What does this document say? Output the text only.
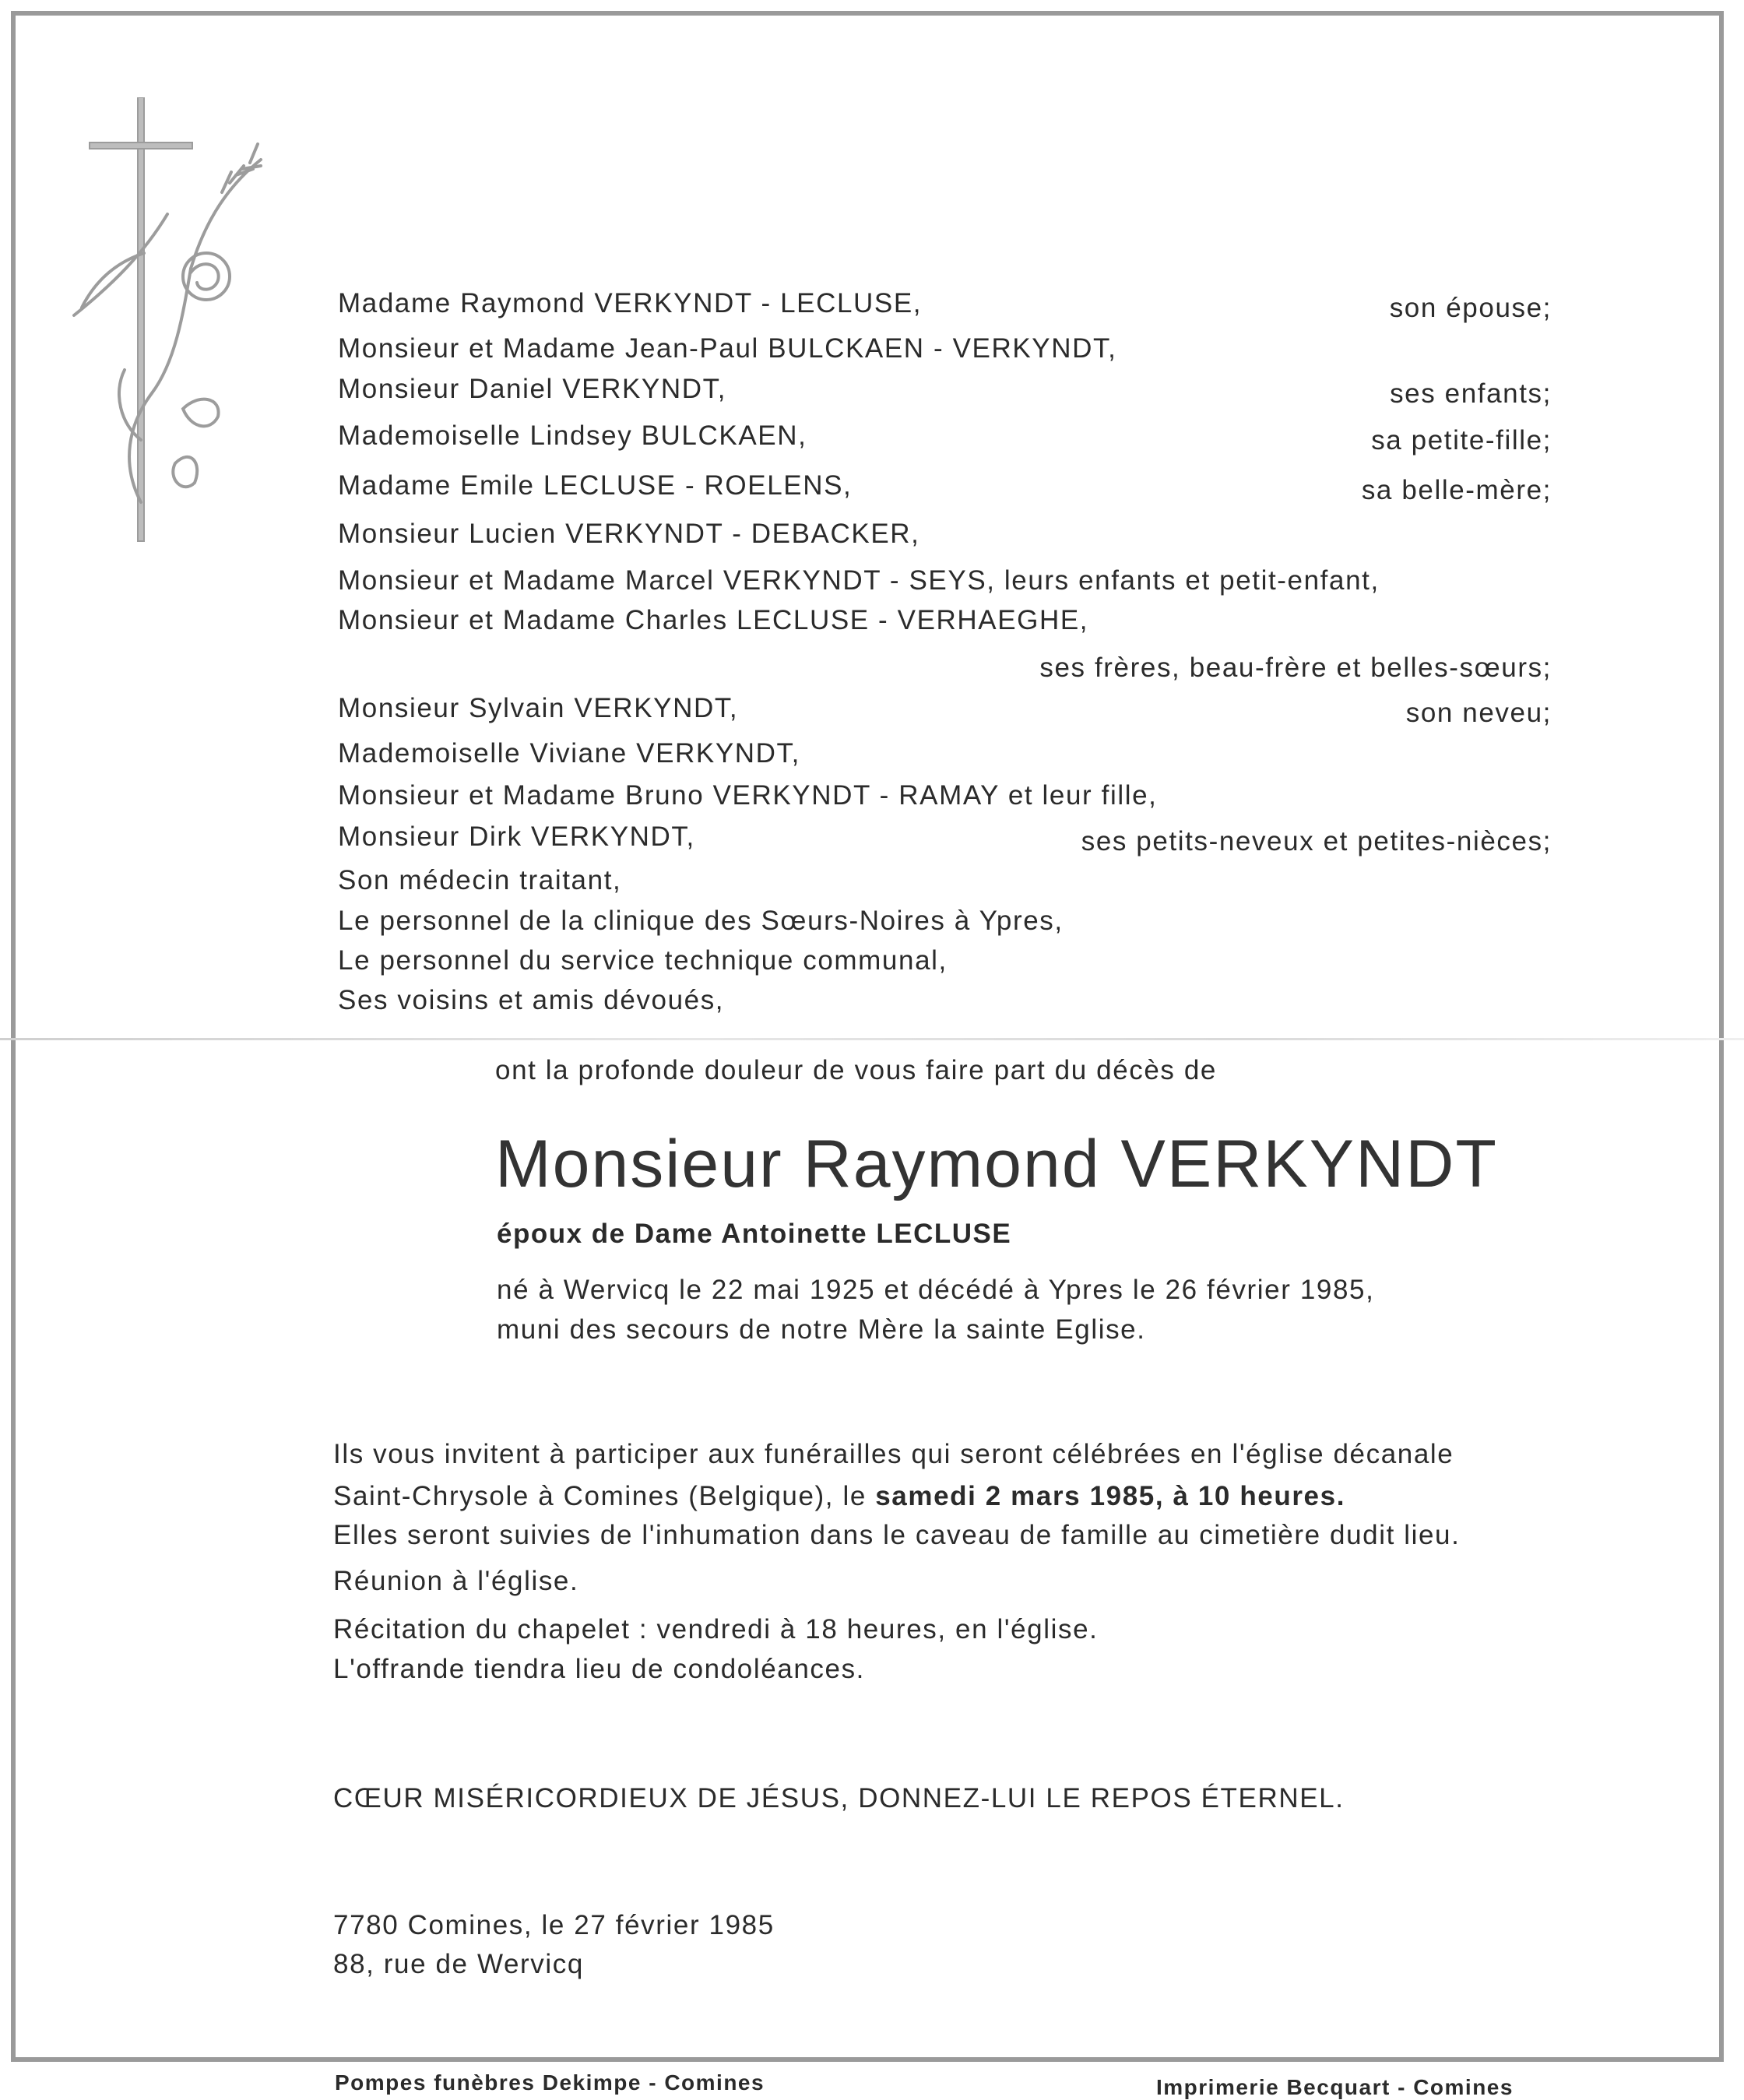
Madame Raymond VERKYNDT - LECLUSE,	son épouse;
Monsieur et Madame Jean-Paul BULCKAEN - VERKYNDT,
Monsieur Daniel VERKYNDT,	ses enfants;
Mademoiselle Lindsey BULCKAEN,	sa petite-fille;
Madame Emile LECLUSE - ROELENS,	sa belle-mère;
Monsieur Lucien VERKYNDT - DEBACKER,
Monsieur et Madame Marcel VERKYNDT - SEYS, leurs enfants et petit-enfant,
Monsieur et Madame Charles LECLUSE - VERHAEGHE,
ses frères, beau-frère et belles-sœurs;
Monsieur Sylvain VERKYNDT,	son neveu;
Mademoiselle Viviane VERKYNDT,
Monsieur et Madame Bruno VERKYNDT - RAMAY et leur fille,
Monsieur Dirk VERKYNDT,	ses petits-neveux et petites-nièces;
Son médecin traitant,
Le personnel de la clinique des Sœurs-Noires à Ypres,
Le personnel du service technique communal,
Ses voisins et amis dévoués,
ont la profonde douleur de vous faire part du décès de
Monsieur Raymond VERKYNDT
époux de Dame Antoinette LECLUSE
né à Wervicq le 22 mai 1925 et décédé à Ypres le 26 février 1985,
muni des secours de notre Mère la sainte Eglise.
Ils vous invitent à participer aux funérailles qui seront célébrées en l'église décanale
Saint-Chrysole à Comines (Belgique), le samedi 2 mars 1985, à 10 heures.
Elles seront suivies de l'inhumation dans le caveau de famille au cimetière dudit lieu.
Réunion à l'église.
Récitation du chapelet : vendredi à 18 heures, en l'église.
L'offrande tiendra lieu de condoléances.
CŒUR MISÉRICORDIEUX DE JÉSUS, DONNEZ-LUI LE REPOS ÉTERNEL.
7780 Comines, le 27 février 1985
88, rue de Wervicq
Pompes funèbres Dekimpe - Comines	Imprimerie Becquart - Comines
